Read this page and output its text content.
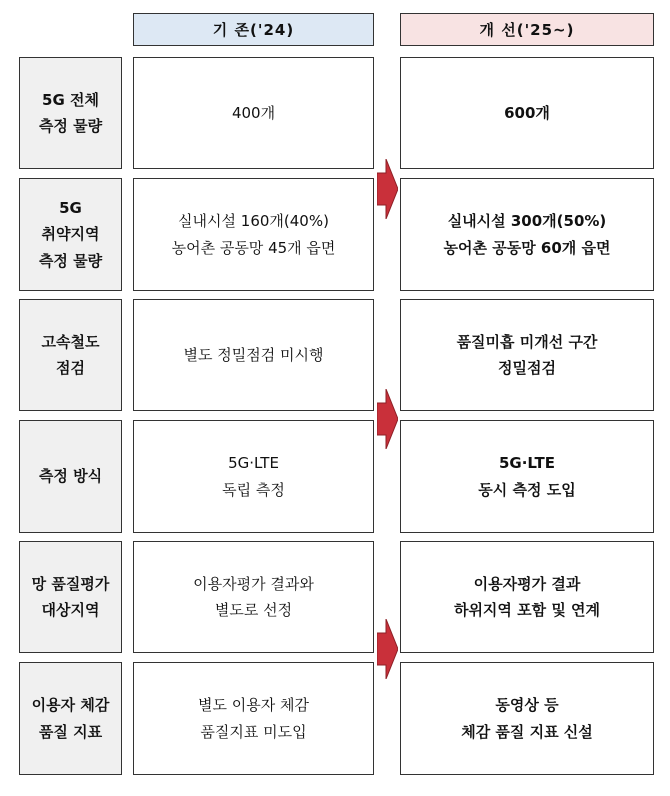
기 존('24)	개 선('25~)
5G 전체
측정 물량
400개	600개
5G
취약지역
측정 물량
실내시설 160개(40%)
농어촌 공동망 45개 읍면
실내시설 300개(50%)
농어촌 공동망 60개 읍면
고속철도
점검
별도 정밀점검 미시행
품질미흡 미개선 구간
정밀점검
측정 방식
5G·LTE
독립 측정
5G·LTE
동시 측정 도입
망 품질평가
대상지역
이용자평가 결과와
별도로 선정
이용자평가 결과
하위지역 포함 및 연계
이용자 체감
품질 지표
별도 이용자 체감
품질지표 미도입
동영상 등
체감 품질 지표 신설
